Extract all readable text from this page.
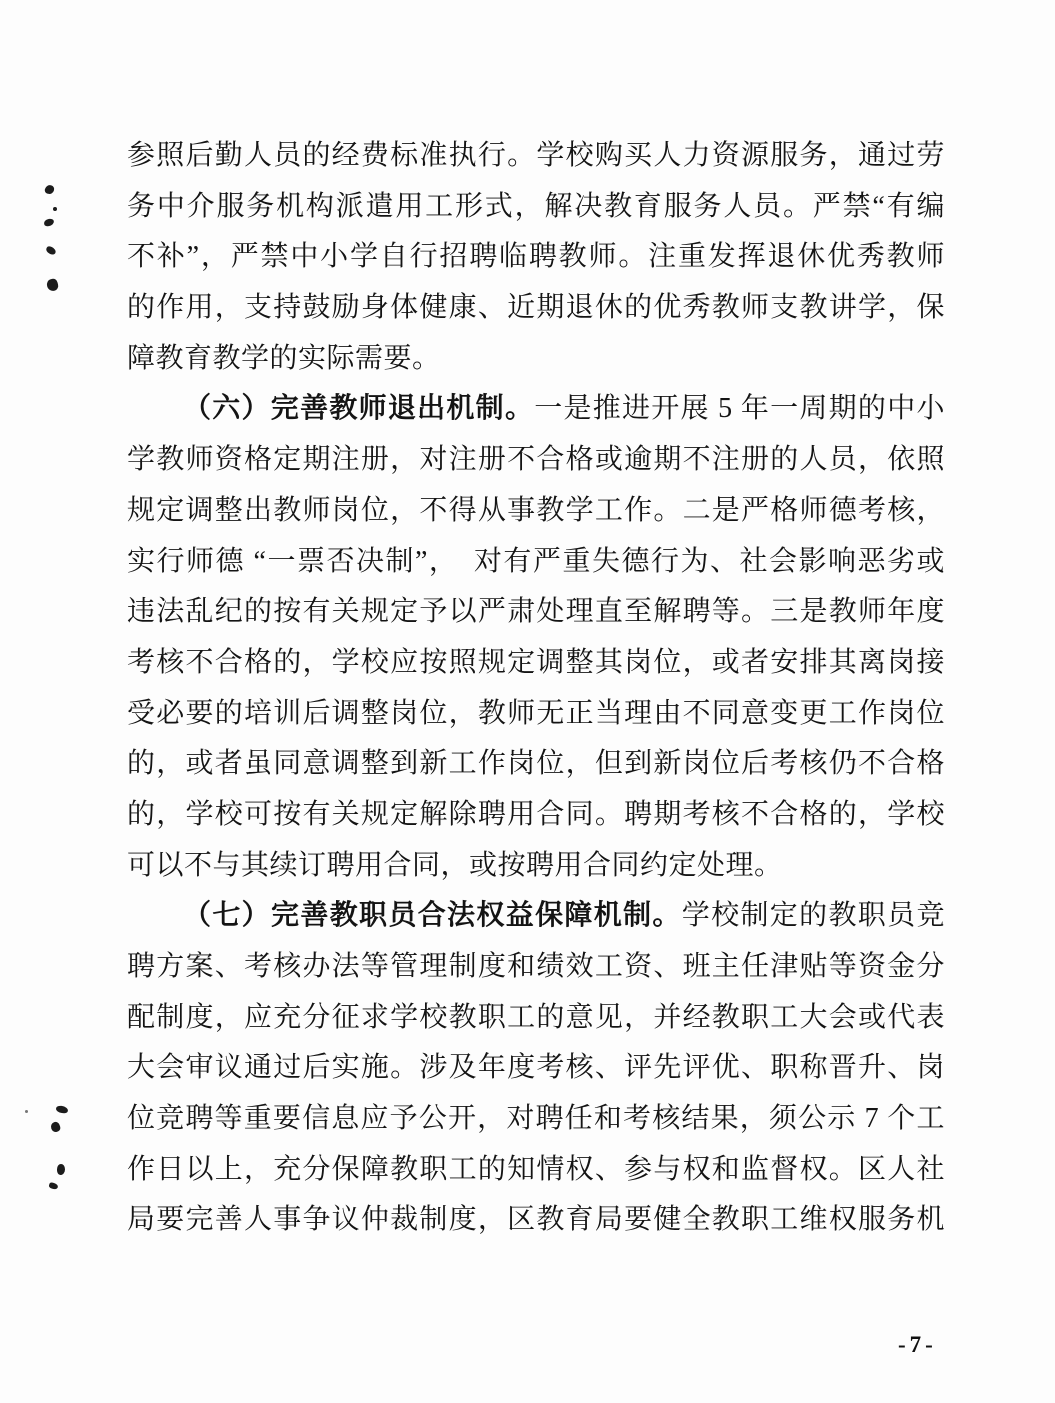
参照后勤人员的经费标准执行。学校购买人力资源服务，通过劳
务中介服务机构派遣用工形式，解决教育服务人员。严禁“有编
不补”，严禁中小学自行招聘临聘教师。注重发挥退休优秀教师
的作用，支持鼓励身体健康、近期退休的优秀教师支教讲学，保
障教育教学的实际需要。
（六）完善教师退出机制。一是推进开展 5 年一周期的中小
学教师资格定期注册，对注册不合格或逾期不注册的人员，依照
规定调整出教师岗位，不得从事教学工作。二是严格师德考核，
实行师德 “一票否决制”，　对有严重失德行为、社会影响恶劣或
违法乱纪的按有关规定予以严肃处理直至解聘等。三是教师年度
考核不合格的，学校应按照规定调整其岗位，或者安排其离岗接
受必要的培训后调整岗位，教师无正当理由不同意变更工作岗位
的，或者虽同意调整到新工作岗位，但到新岗位后考核仍不合格
的，学校可按有关规定解除聘用合同。聘期考核不合格的，学校
可以不与其续订聘用合同，或按聘用合同约定处理。
（七）完善教职员合法权益保障机制。学校制定的教职员竞
聘方案、考核办法等管理制度和绩效工资、班主任津贴等资金分
配制度，应充分征求学校教职工的意见，并经教职工大会或代表
大会审议通过后实施。涉及年度考核、评先评优、职称晋升、岗
位竞聘等重要信息应予公开，对聘任和考核结果，须公示 7 个工
作日以上，充分保障教职工的知情权、参与权和监督权。区人社
局要完善人事争议仲裁制度，区教育局要健全教职工维权服务机
-7-
